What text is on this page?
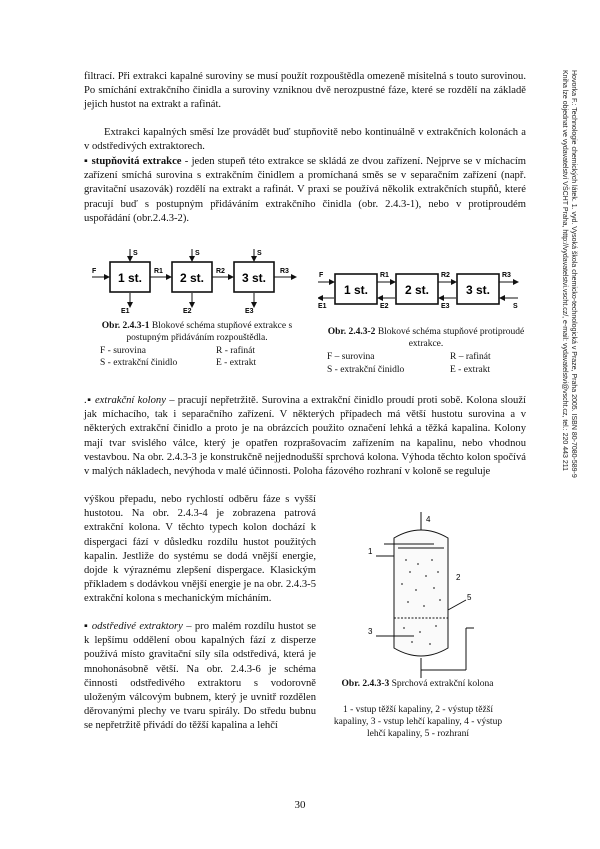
filtrací. Při extrakci kapalné suroviny se musí použít rozpouštědla omezeně mísitelná s touto surovinou. Po smíchání extrakčního činidla a suroviny vzniknou dvě nerozpustné fáze, které se rozdělí na základě jejich hustot na extrakt a rafinát.

Extrakci kapalných směsí lze provádět buď stupňovitě nebo kontinuálně v extrakčních kolonách a v odstředivých extraktorech.

▪ stupňovitá extrakce - jeden stupeň této extrakce se skládá ze dvou zařízení. Nejprve se v míchacím zařízení smíchá surovina s extrakčním činidlem a promíchaná směs se v separačním zařízení (např. gravitační usazovák) rozdělí na extrakt a rafinát. V praxi se používá několik extrakčních stupňů, které pracují buď s postupným přidáváním extrakčního činidla (obr. 2.4.3-1), nebo v protiproudém uspořádání (obr.2.4.3-2).

1 st.	2 st.	3 st.
F
S	S	S
R1	R2	R3
E1	E2	E3

Obr. 2.4.3-1 Blokové schéma stupňové extrakce s postupným přidáváním rozpouštědla.

F - surovina	R - rafinát
S - extrakční činidlo	E - extrakt
1 st.	2 st.	3 st.
F	R1	R2	R3
E1	E2	E3	S

Obr. 2.4.3-2 Blokové schéma stupňové protiproudé extrakce.

F – surovina	R – rafinát
S - extrakční činidlo	E - extrakt

.▪ extrakční kolony – pracují nepřetržitě. Surovina a extrakční činidlo proudí proti sobě. Kolona slouží jak míchacího, tak i separačního zařízení. V některých případech má větší hustotu surovina a v některých extrakční činidlo a proto je na obrázcích použito označení lehká a těžká kapalina. Kolony mají tvar svislého válce, který je opatřen rozprašovacím zařízením na kapalinu, nebo vhodnou vestavbou. Na obr. 2.4.3-3 je konstrukčně nejjednodušší sprchová kolona. Výhoda těchto kolon spočívá v malých nákladech, nevýhoda v malé účinnosti. Poloha fázového rozhraní v koloně se reguluje

výškou přepadu, nebo rychlostí odběru fáze s vyšší hustotou. Na obr. 2.4.3-4 je zobrazena patrová extrakční kolona. V těchto typech kolon dochází k dispergaci fází v důsledku rozdílu hustot použitých kapalin. Jestliže do systému se dodá vnější energie, dojde k výraznému zlepšení dispergace. Klasickým příkladem s dodávkou vnější energie je na obr. 2.4.3-5 extrakční kolona s mechanickým mícháním.

▪ odstředivé extraktory – pro malém rozdílu hustot se k lepšímu oddělení obou kapalných fází z disperze používá místo gravitační síly síla odstředivá, která je mnohonásobně větší. Na obr. 2.4.3-6 je schéma činnosti odstředivého extraktoru s vodorovně uloženým válcovým bubnem, který je uvnitř rozdělen děrovanými plechy ve tvaru spirály. Do středu bubnu se nepřetržitě přivádí do těžší kapalina a lehčí

1
3
4
5
2

Obr. 2.4.3-3 Sprchová extrakční kolona

1 - vstup těžší kapaliny, 2 - výstup těžší kapaliny, 3 - vstup lehčí kapaliny, 4 - výstup lehčí kapaliny, 5 - rozhraní

Hovorka F.: Technologie chemických látek. 1. vyd. Vysoká škola chemicko-technologická v Praze, Praha 2005. ISBN 80-7080-589-9
Kniha lze objednat ve vydavatelství VŠCHT Praha, http://vydavatelstvi.vscht.cz/, e-mail: vydavatelstvi@vscht.cz, tel.: 220 443 211
30
